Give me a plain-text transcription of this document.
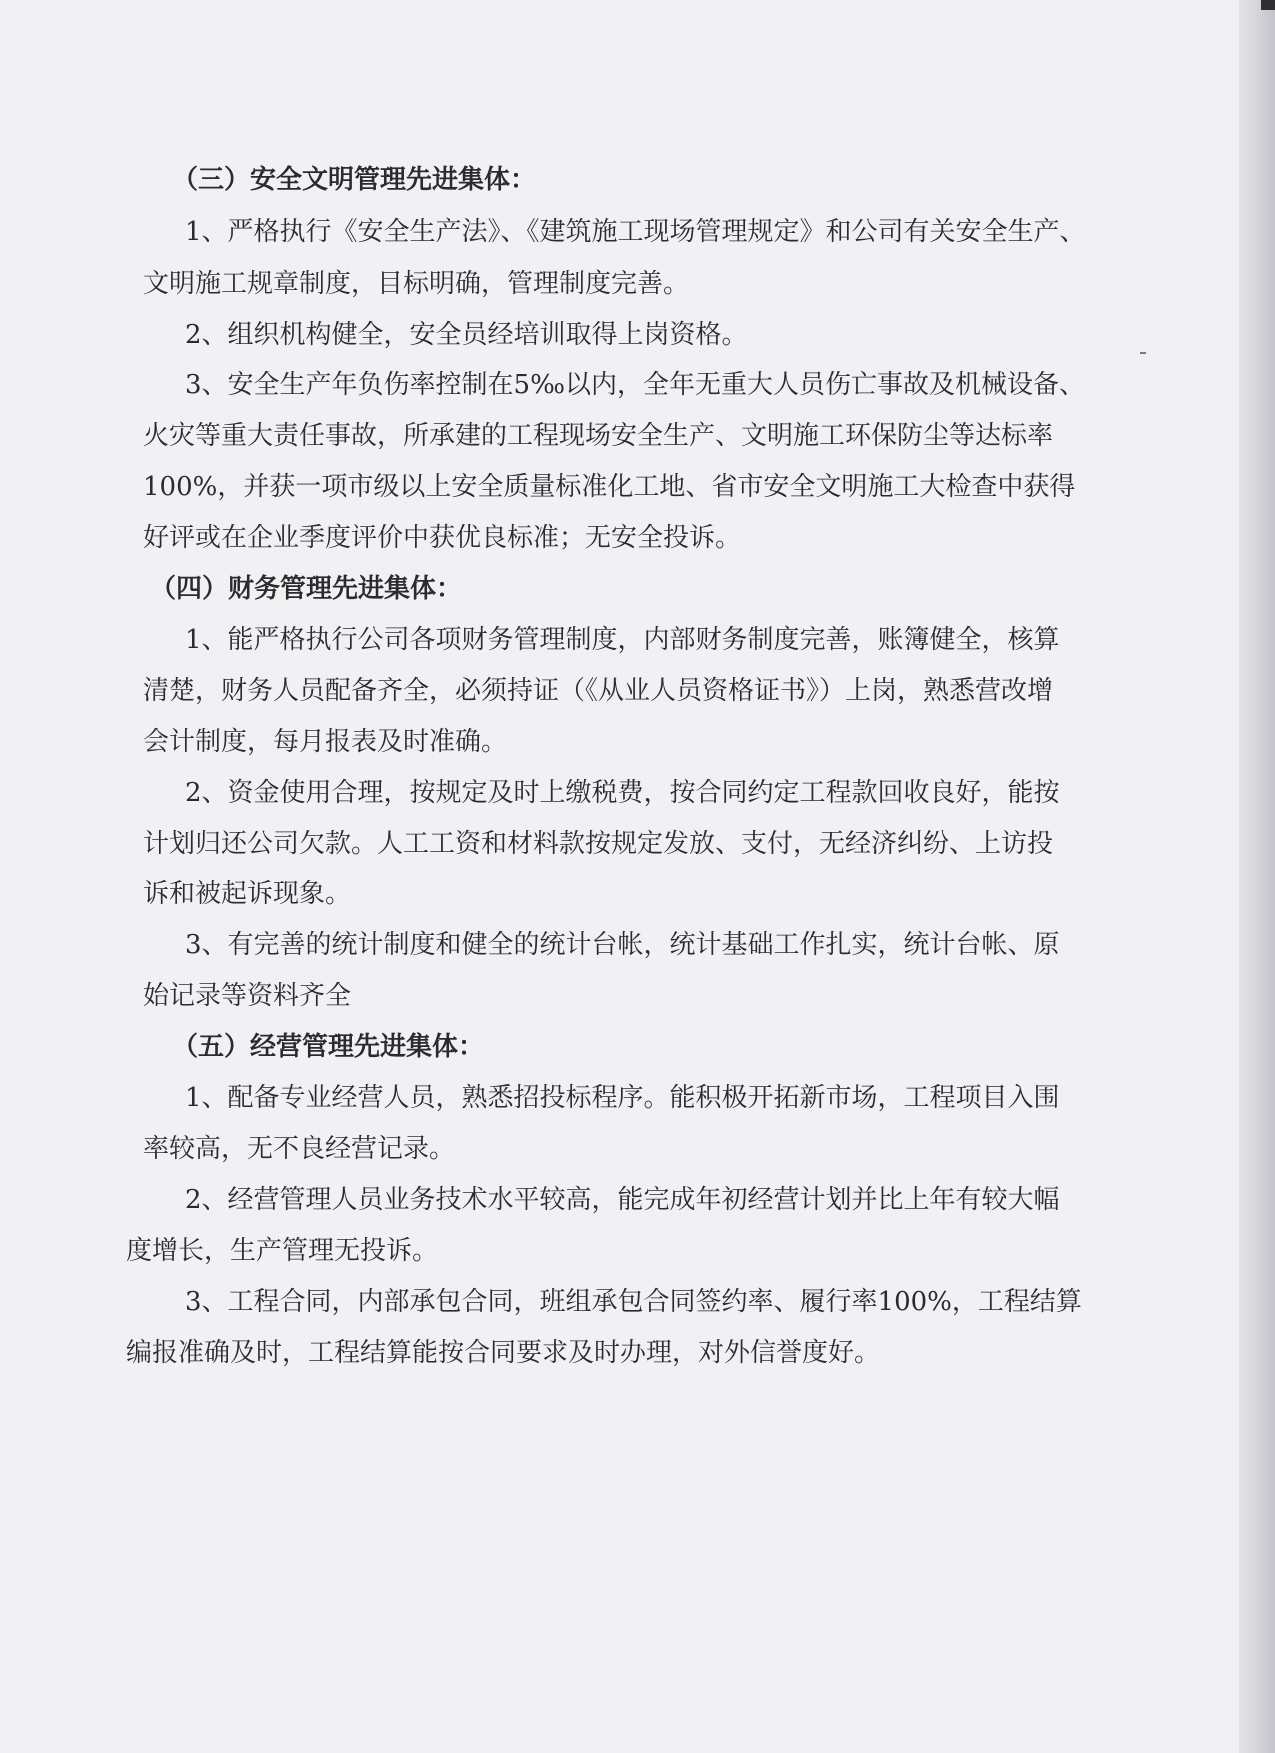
（三）安全文明管理先进集体：

1、严格执行《安全生产法》、《建筑施工现场管理规定》和公司有关安全生产、

文明施工规章制度，目标明确，管理制度完善。

2、组织机构健全，安全员经培训取得上岗资格。

3、安全生产年负伤率控制在5‰以内，全年无重大人员伤亡事故及机械设备、

火灾等重大责任事故，所承建的工程现场安全生产、文明施工环保防尘等达标率

100%，并获一项市级以上安全质量标准化工地、省市安全文明施工大检查中获得

好评或在企业季度评价中获优良标准；无安全投诉。

（四）财务管理先进集体：

1、能严格执行公司各项财务管理制度，内部财务制度完善，账簿健全，核算

清楚，财务人员配备齐全，必须持证（《从业人员资格证书》）上岗，熟悉营改增

会计制度，每月报表及时准确。

2、资金使用合理，按规定及时上缴税费，按合同约定工程款回收良好，能按

计划归还公司欠款。人工工资和材料款按规定发放、支付，无经济纠纷、上访投

诉和被起诉现象。

3、有完善的统计制度和健全的统计台帐，统计基础工作扎实，统计台帐、原

始记录等资料齐全

（五）经营管理先进集体：

1、配备专业经营人员，熟悉招投标程序。能积极开拓新市场，工程项目入围

率较高，无不良经营记录。

2、经营管理人员业务技术水平较高，能完成年初经营计划并比上年有较大幅

度增长，生产管理无投诉。

3、工程合同，内部承包合同，班组承包合同签约率、履行率100%，工程结算

编报准确及时，工程结算能按合同要求及时办理，对外信誉度好。
